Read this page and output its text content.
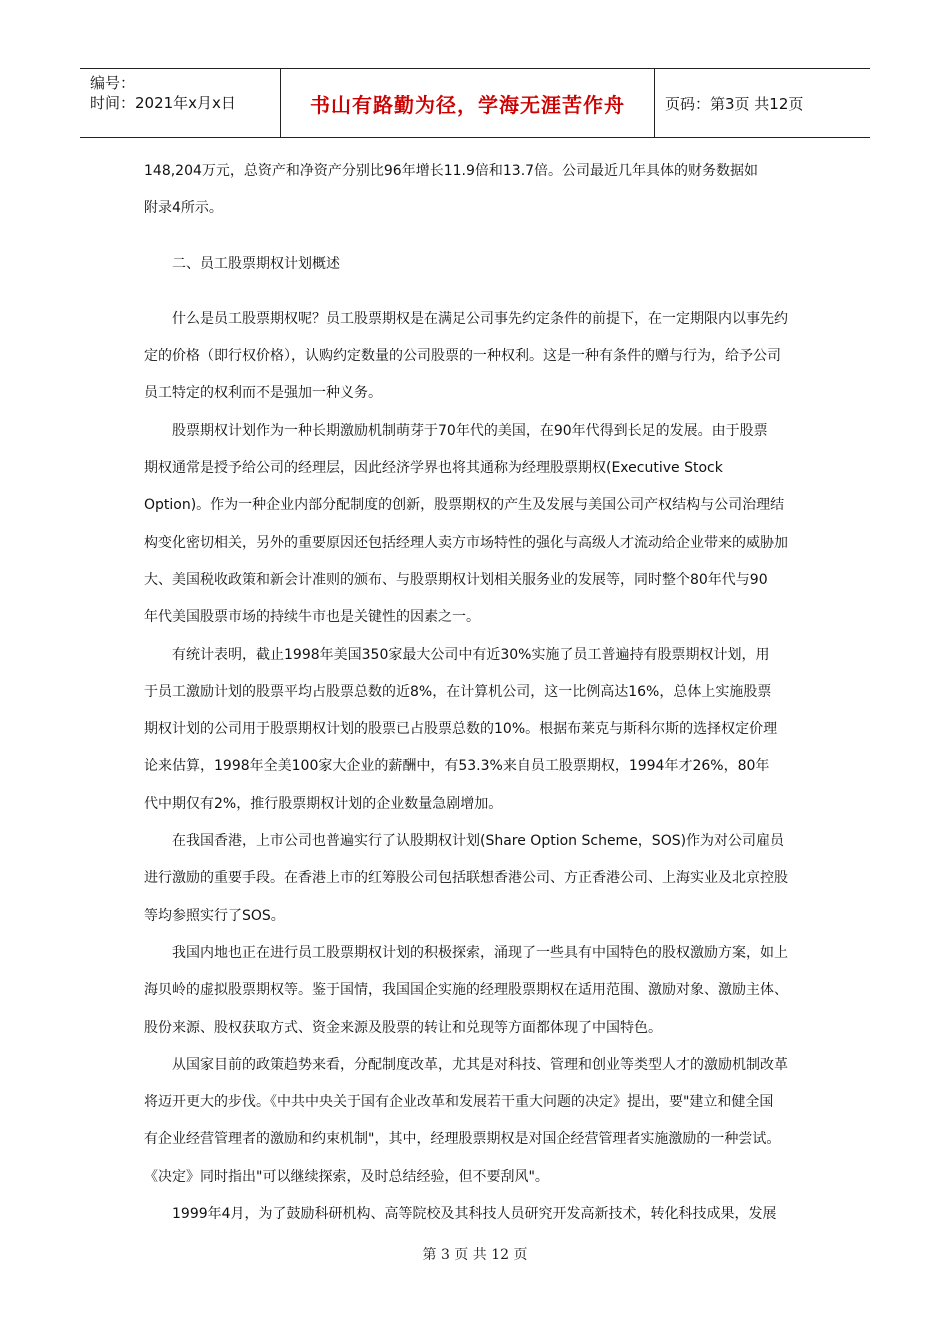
编号：
时间：2021年x月x日	书山有路勤为径，学海无涯苦作舟	页码：第3页 共12页

148,204万元，总资产和净资产分别比96年增长11.9倍和13.7倍。公司最近几年具体的财务数据如

附录4所示。

二、员工股票期权计划概述

　　什么是员工股票期权呢？员工股票期权是在满足公司事先约定条件的前提下，在一定期限内以事先约

定的价格（即行权价格），认购约定数量的公司股票的一种权利。这是一种有条件的赠与行为，给予公司

员工特定的权利而不是强加一种义务。

　　股票期权计划作为一种长期激励机制萌芽于70年代的美国，在90年代得到长足的发展。由于股票

期权通常是授予给公司的经理层，因此经济学界也将其通称为经理股票期权(Executive Stock

Option)。作为一种企业内部分配制度的创新，股票期权的产生及发展与美国公司产权结构与公司治理结

构变化密切相关，另外的重要原因还包括经理人卖方市场特性的强化与高级人才流动给企业带来的威胁加

大、美国税收政策和新会计准则的颁布、与股票期权计划相关服务业的发展等，同时整个80年代与90

年代美国股票市场的持续牛市也是关键性的因素之一。

　　有统计表明，截止1998年美国350家最大公司中有近30%实施了员工普遍持有股票期权计划，用

于员工激励计划的股票平均占股票总数的近8%，在计算机公司，这一比例高达16%，总体上实施股票

期权计划的公司用于股票期权计划的股票已占股票总数的10%。根据布莱克与斯科尔斯的选择权定价理

论来估算，1998年全美100家大企业的薪酬中，有53.3%来自员工股票期权，1994年才26%，80年

代中期仅有2%，推行股票期权计划的企业数量急剧增加。

　　在我国香港，上市公司也普遍实行了认股期权计划(Share Option Scheme，SOS)作为对公司雇员

进行激励的重要手段。在香港上市的红筹股公司包括联想香港公司、方正香港公司、上海实业及北京控股

等均参照实行了SOS。

　　我国内地也正在进行员工股票期权计划的积极探索，涌现了一些具有中国特色的股权激励方案，如上

海贝岭的虚拟股票期权等。鉴于国情，我国国企实施的经理股票期权在适用范围、激励对象、激励主体、

股份来源、股权获取方式、资金来源及股票的转让和兑现等方面都体现了中国特色。

　　从国家目前的政策趋势来看，分配制度改革，尤其是对科技、管理和创业等类型人才的激励机制改革

将迈开更大的步伐。《中共中央关于国有企业改革和发展若干重大问题的决定》提出，要"建立和健全国

有企业经营管理者的激励和约束机制"，其中，经理股票期权是对国企经营管理者实施激励的一种尝试。

《决定》同时指出"可以继续探索，及时总结经验，但不要刮风"。

　　1999年4月，为了鼓励科研机构、高等院校及其科技人员研究开发高新技术，转化科技成果，发展

第 3 页 共 12 页
